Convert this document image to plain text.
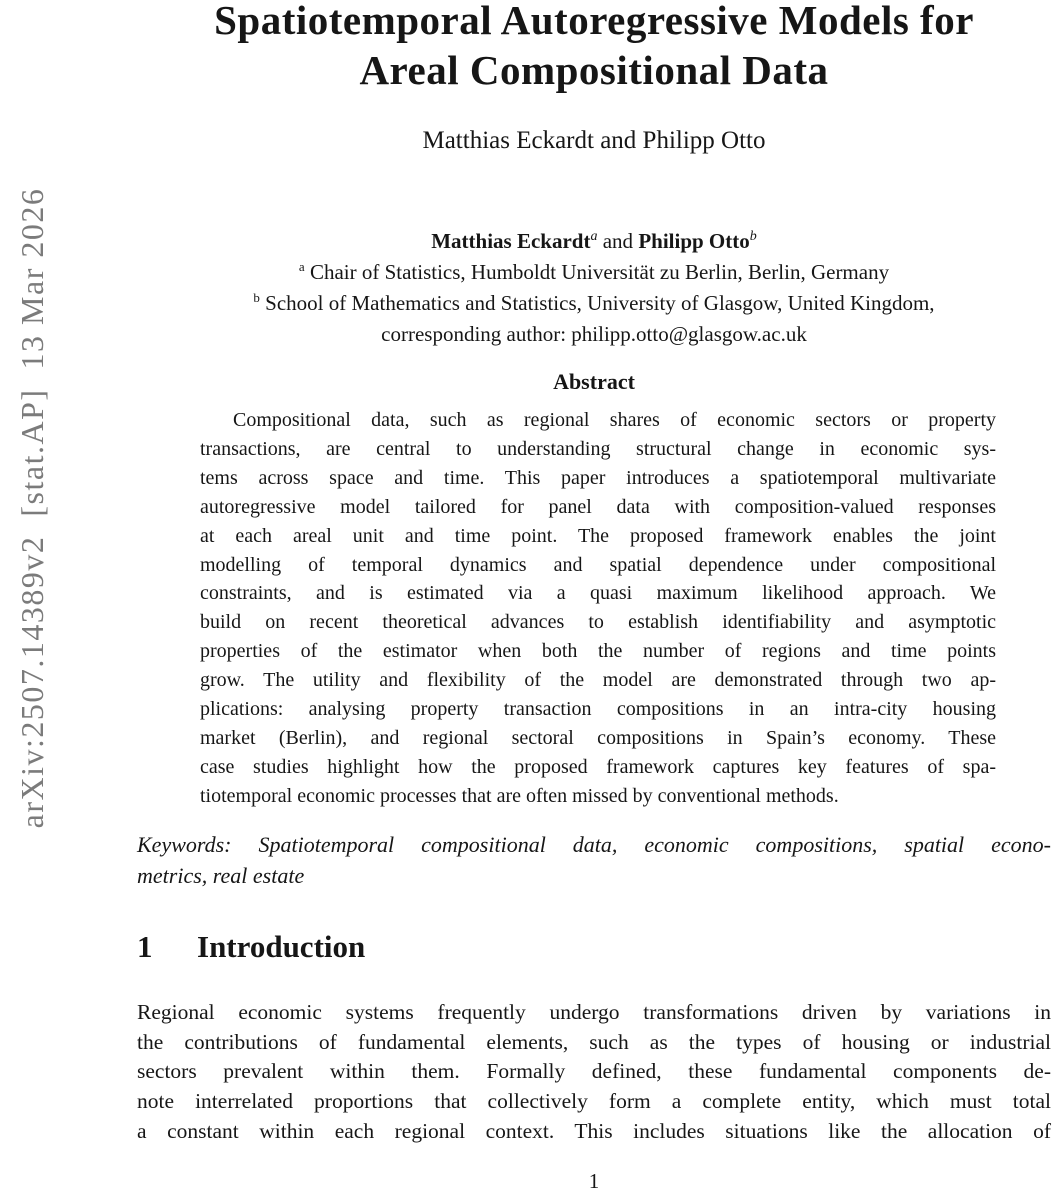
arXiv:2507.14389v2  [stat.AP]  13 Mar 2026
Spatiotemporal Autoregressive Models for
Areal Compositional Data
Matthias Eckardt and Philipp Otto
Matthias Eckardt$^a$ and Philipp Otto$^b$
$^a$ Chair of Statistics, Humboldt Universität zu Berlin, Berlin, Germany
$^b$ School of Mathematics and Statistics, University of Glasgow, United Kingdom,
corresponding author: philipp.otto@glasgow.ac.uk
Abstract
Compositional data, such as regional shares of economic sectors or property
transactions, are central to understanding structural change in economic sys-
tems across space and time. This paper introduces a spatiotemporal multivariate
autoregressive model tailored for panel data with composition-valued responses
at each areal unit and time point. The proposed framework enables the joint
modelling of temporal dynamics and spatial dependence under compositional
constraints, and is estimated via a quasi maximum likelihood approach. We
build on recent theoretical advances to establish identifiability and asymptotic
properties of the estimator when both the number of regions and time points
grow. The utility and flexibility of the model are demonstrated through two ap-
plications: analysing property transaction compositions in an intra-city housing
market (Berlin), and regional sectoral compositions in Spain’s economy. These
case studies highlight how the proposed framework captures key features of spa-
tiotemporal economic processes that are often missed by conventional methods.
Keywords: Spatiotemporal compositional data, economic compositions, spatial econo-
metrics, real estate
1 Introduction
Regional economic systems frequently undergo transformations driven by variations in
the contributions of fundamental elements, such as the types of housing or industrial
sectors prevalent within them. Formally defined, these fundamental components de-
note interrelated proportions that collectively form a complete entity, which must total
a constant within each regional context. This includes situations like the allocation of
1
